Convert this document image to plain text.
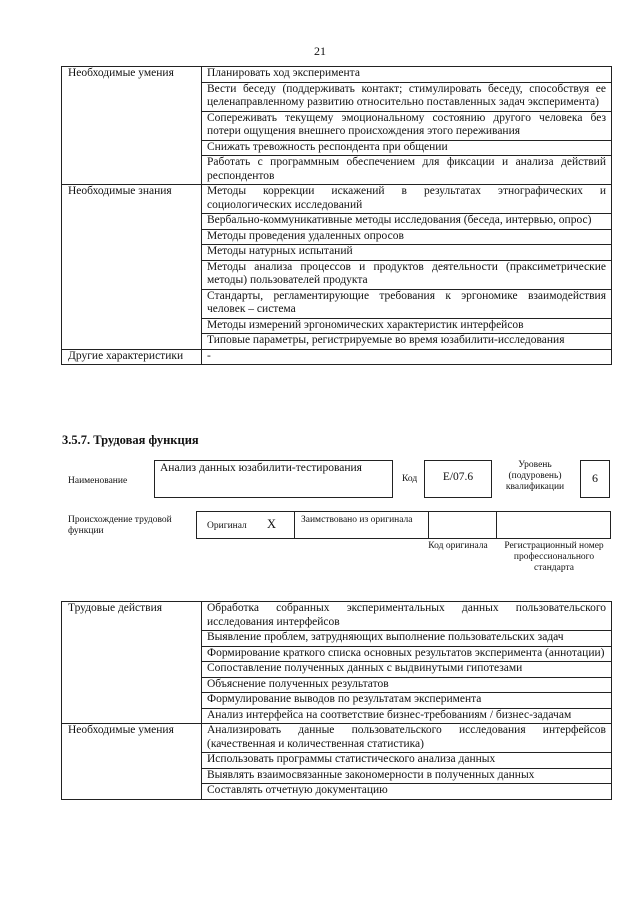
21
Необходимые умения	Планировать ход эксперимента
	Вести беседу (поддерживать контакт; стимулировать беседу, способствуя ее целенаправленному развитию относительно поставленных задач эксперимента)
	Сопереживать текущему эмоциональному состоянию другого человека без потери ощущения внешнего происхождения этого переживания
	Снижать тревожность респондента при общении
	Работать с программным обеспечением для фиксации и анализа действий респондентов
Необходимые знания	Методы коррекции искажений в результатах этнографических и социологических исследований
	Вербально-коммуникативные методы исследования (беседа, интервью, опрос)
	Методы проведения удаленных опросов
	Методы натурных испытаний
	Методы анализа процессов и продуктов деятельности (праксиметрические методы) пользователей продукта
	Стандарты, регламентирующие требования к эргономике взаимодействия человек – система
	Методы измерений эргономических характеристик интерфейсов
	Типовые параметры, регистрируемые во время юзабилити-исследования
Другие характеристики	-
3.5.7. Трудовая функция
Наименование
Анализ данных юзабилити-тестирования
Код	E/07.6
Уровень (подуровень) квалификации
6
Происхождение трудовой функции	Оригинал X	Заимствовано из оригинала
Код оригинала	Регистрационный номер профессионального стандарта
Трудовые действия	Обработка собранных экспериментальных данных пользовательского исследования интерфейсов
	Выявление проблем, затрудняющих выполнение пользовательских задач
	Формирование краткого списка основных результатов эксперимента (аннотации)
	Сопоставление полученных данных с выдвинутыми гипотезами
	Объяснение полученных результатов
	Формулирование выводов по результатам эксперимента
	Анализ интерфейса на соответствие бизнес-требованиям / бизнес-задачам
Необходимые умения	Анализировать данные пользовательского исследования интерфейсов (качественная и количественная статистика)
	Использовать программы статистического анализа данных
	Выявлять взаимосвязанные закономерности в полученных данных
	Составлять отчетную документацию
